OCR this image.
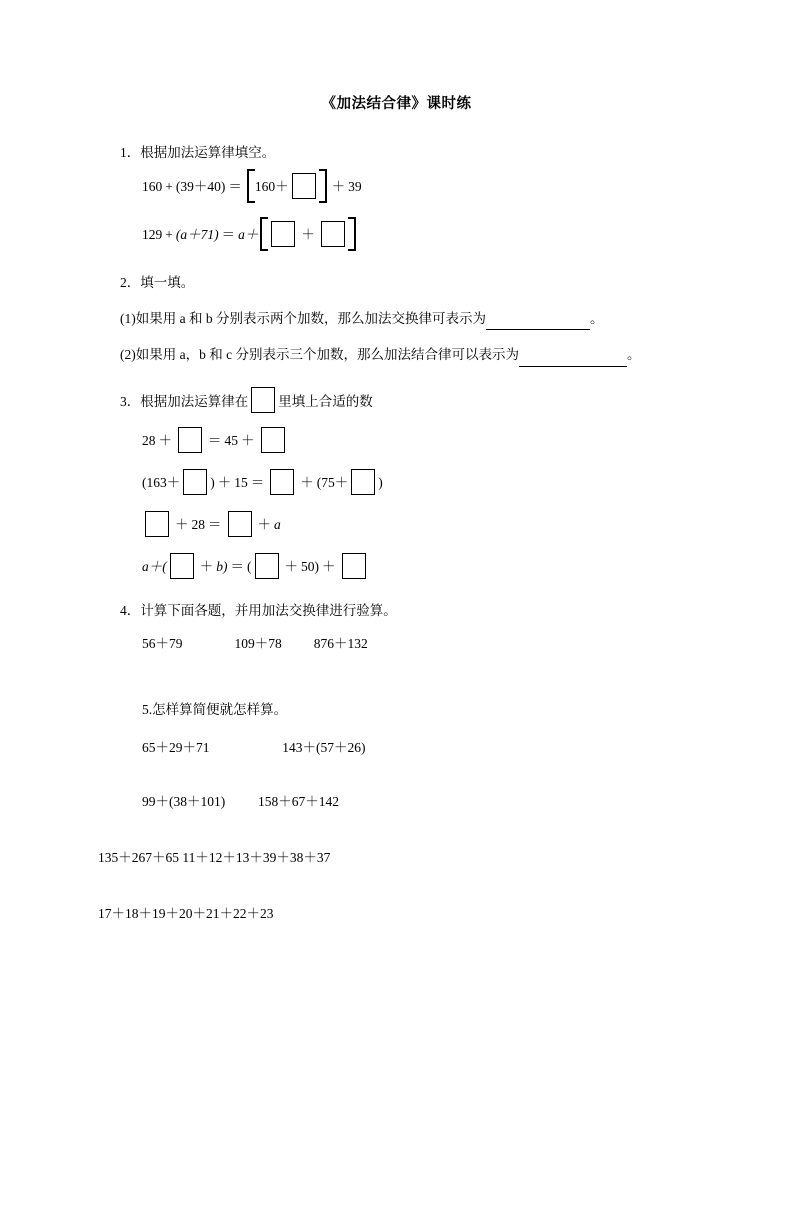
《加法结合律》课时练
1．根据加法运算律填空。
160 + (39＋40) ＝ 160＋	＋ 39
129 + (a＋71) ＝ a＋	＋
2．填一填。
(1)如果用 a 和 b 分别表示两个加数，那么加法交换律可表示为	。
(2)如果用 a，b 和 c 分别表示三个加数，那么加法结合律可以表示为	。
3．根据加法运算律在 里填上合适的数
28 ＋	＝ 45 ＋
(163＋ ) ＋ 15 ＝	＋ (75＋ )
＋ 28 ＝	＋ a
a＋( ＋ b) ＝ ( ＋ 50) ＋
4．计算下面各题，并用加法交换律进行验算。
56＋79	109＋78 876＋132
5.怎样算简便就怎样算。
65＋29＋71	143＋(57＋26)
99＋(38＋101) 158＋67＋142
135＋267＋65 11＋12＋13＋39＋38＋37
17＋18＋19＋20＋21＋22＋23
